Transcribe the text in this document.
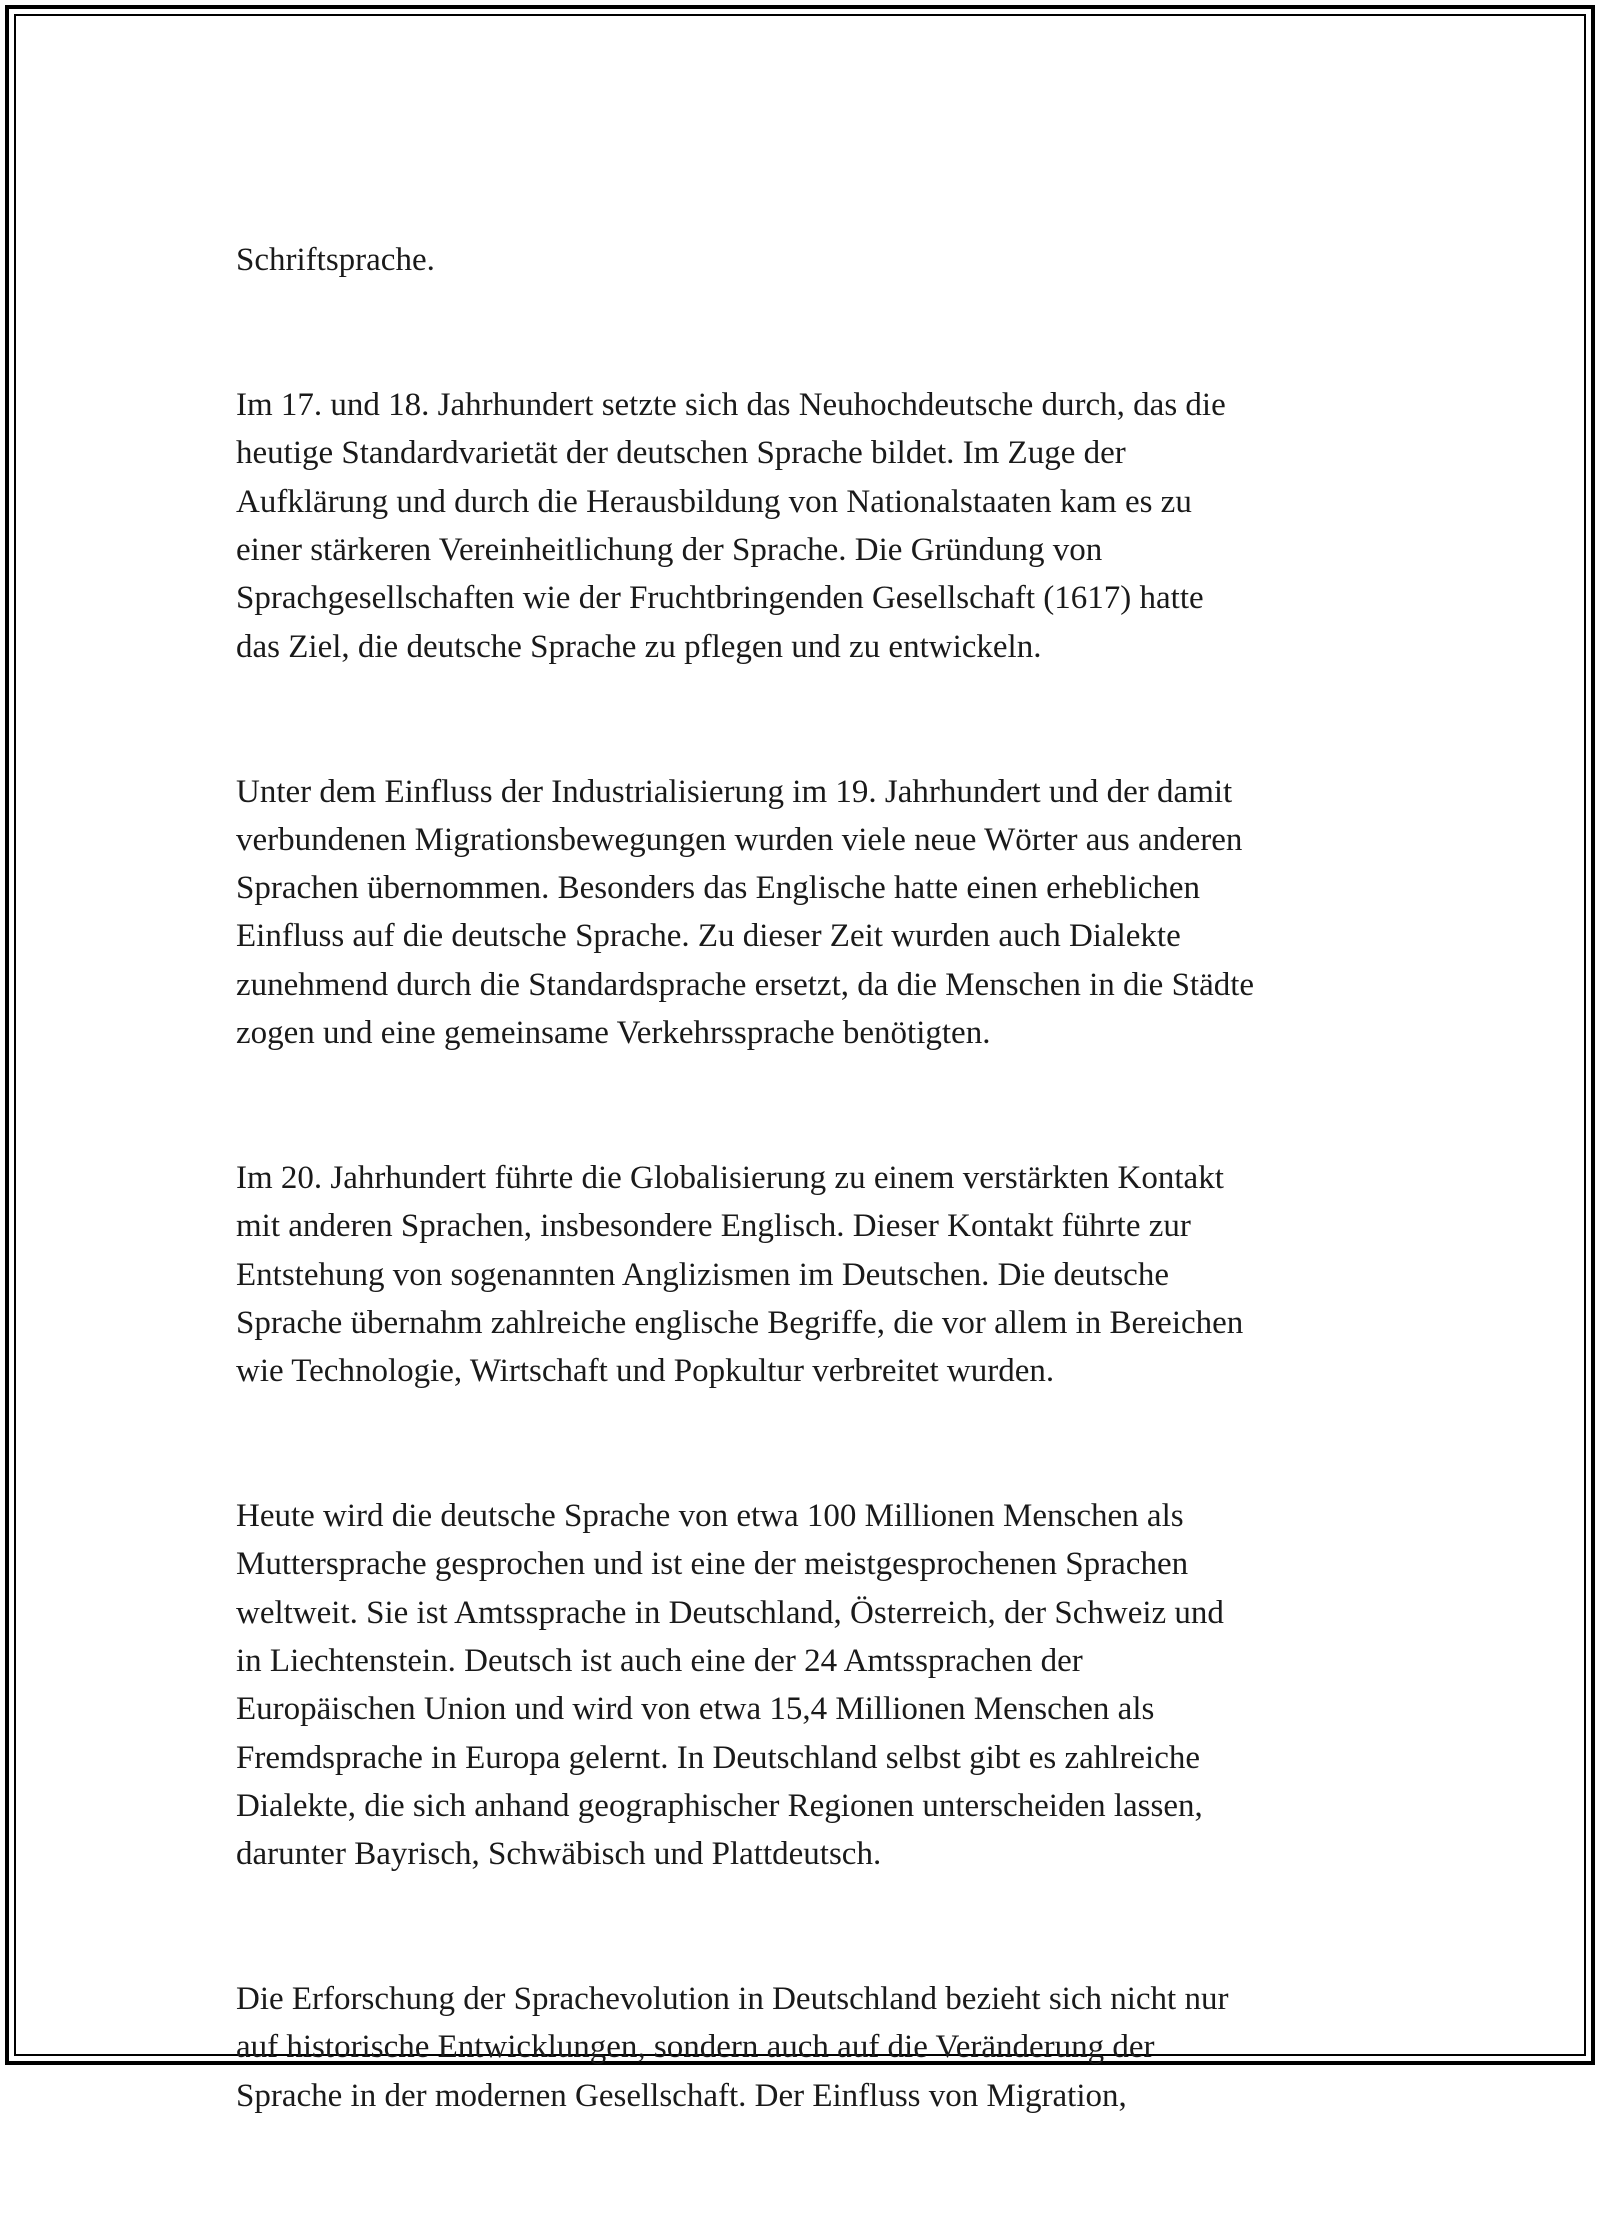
Schriftsprache.

Im 17. und 18. Jahrhundert setzte sich das Neuhochdeutsche durch, das die
heutige Standardvarietät der deutschen Sprache bildet. Im Zuge der
Aufklärung und durch die Herausbildung von Nationalstaaten kam es zu
einer stärkeren Vereinheitlichung der Sprache. Die Gründung von
Sprachgesellschaften wie der Fruchtbringenden Gesellschaft (1617) hatte
das Ziel, die deutsche Sprache zu pflegen und zu entwickeln.

Unter dem Einfluss der Industrialisierung im 19. Jahrhundert und der damit
verbundenen Migrationsbewegungen wurden viele neue Wörter aus anderen
Sprachen übernommen. Besonders das Englische hatte einen erheblichen
Einfluss auf die deutsche Sprache. Zu dieser Zeit wurden auch Dialekte
zunehmend durch die Standardsprache ersetzt, da die Menschen in die Städte
zogen und eine gemeinsame Verkehrssprache benötigten.

Im 20. Jahrhundert führte die Globalisierung zu einem verstärkten Kontakt
mit anderen Sprachen, insbesondere Englisch. Dieser Kontakt führte zur
Entstehung von sogenannten Anglizismen im Deutschen. Die deutsche
Sprache übernahm zahlreiche englische Begriffe, die vor allem in Bereichen
wie Technologie, Wirtschaft und Popkultur verbreitet wurden.

Heute wird die deutsche Sprache von etwa 100 Millionen Menschen als
Muttersprache gesprochen und ist eine der meistgesprochenen Sprachen
weltweit. Sie ist Amtssprache in Deutschland, Österreich, der Schweiz und
in Liechtenstein. Deutsch ist auch eine der 24 Amtssprachen der
Europäischen Union und wird von etwa 15,4 Millionen Menschen als
Fremdsprache in Europa gelernt. In Deutschland selbst gibt es zahlreiche
Dialekte, die sich anhand geographischer Regionen unterscheiden lassen,
darunter Bayrisch, Schwäbisch und Plattdeutsch.

Die Erforschung der Sprachevolution in Deutschland bezieht sich nicht nur
auf historische Entwicklungen, sondern auch auf die Veränderung der
Sprache in der modernen Gesellschaft. Der Einfluss von Migration,
